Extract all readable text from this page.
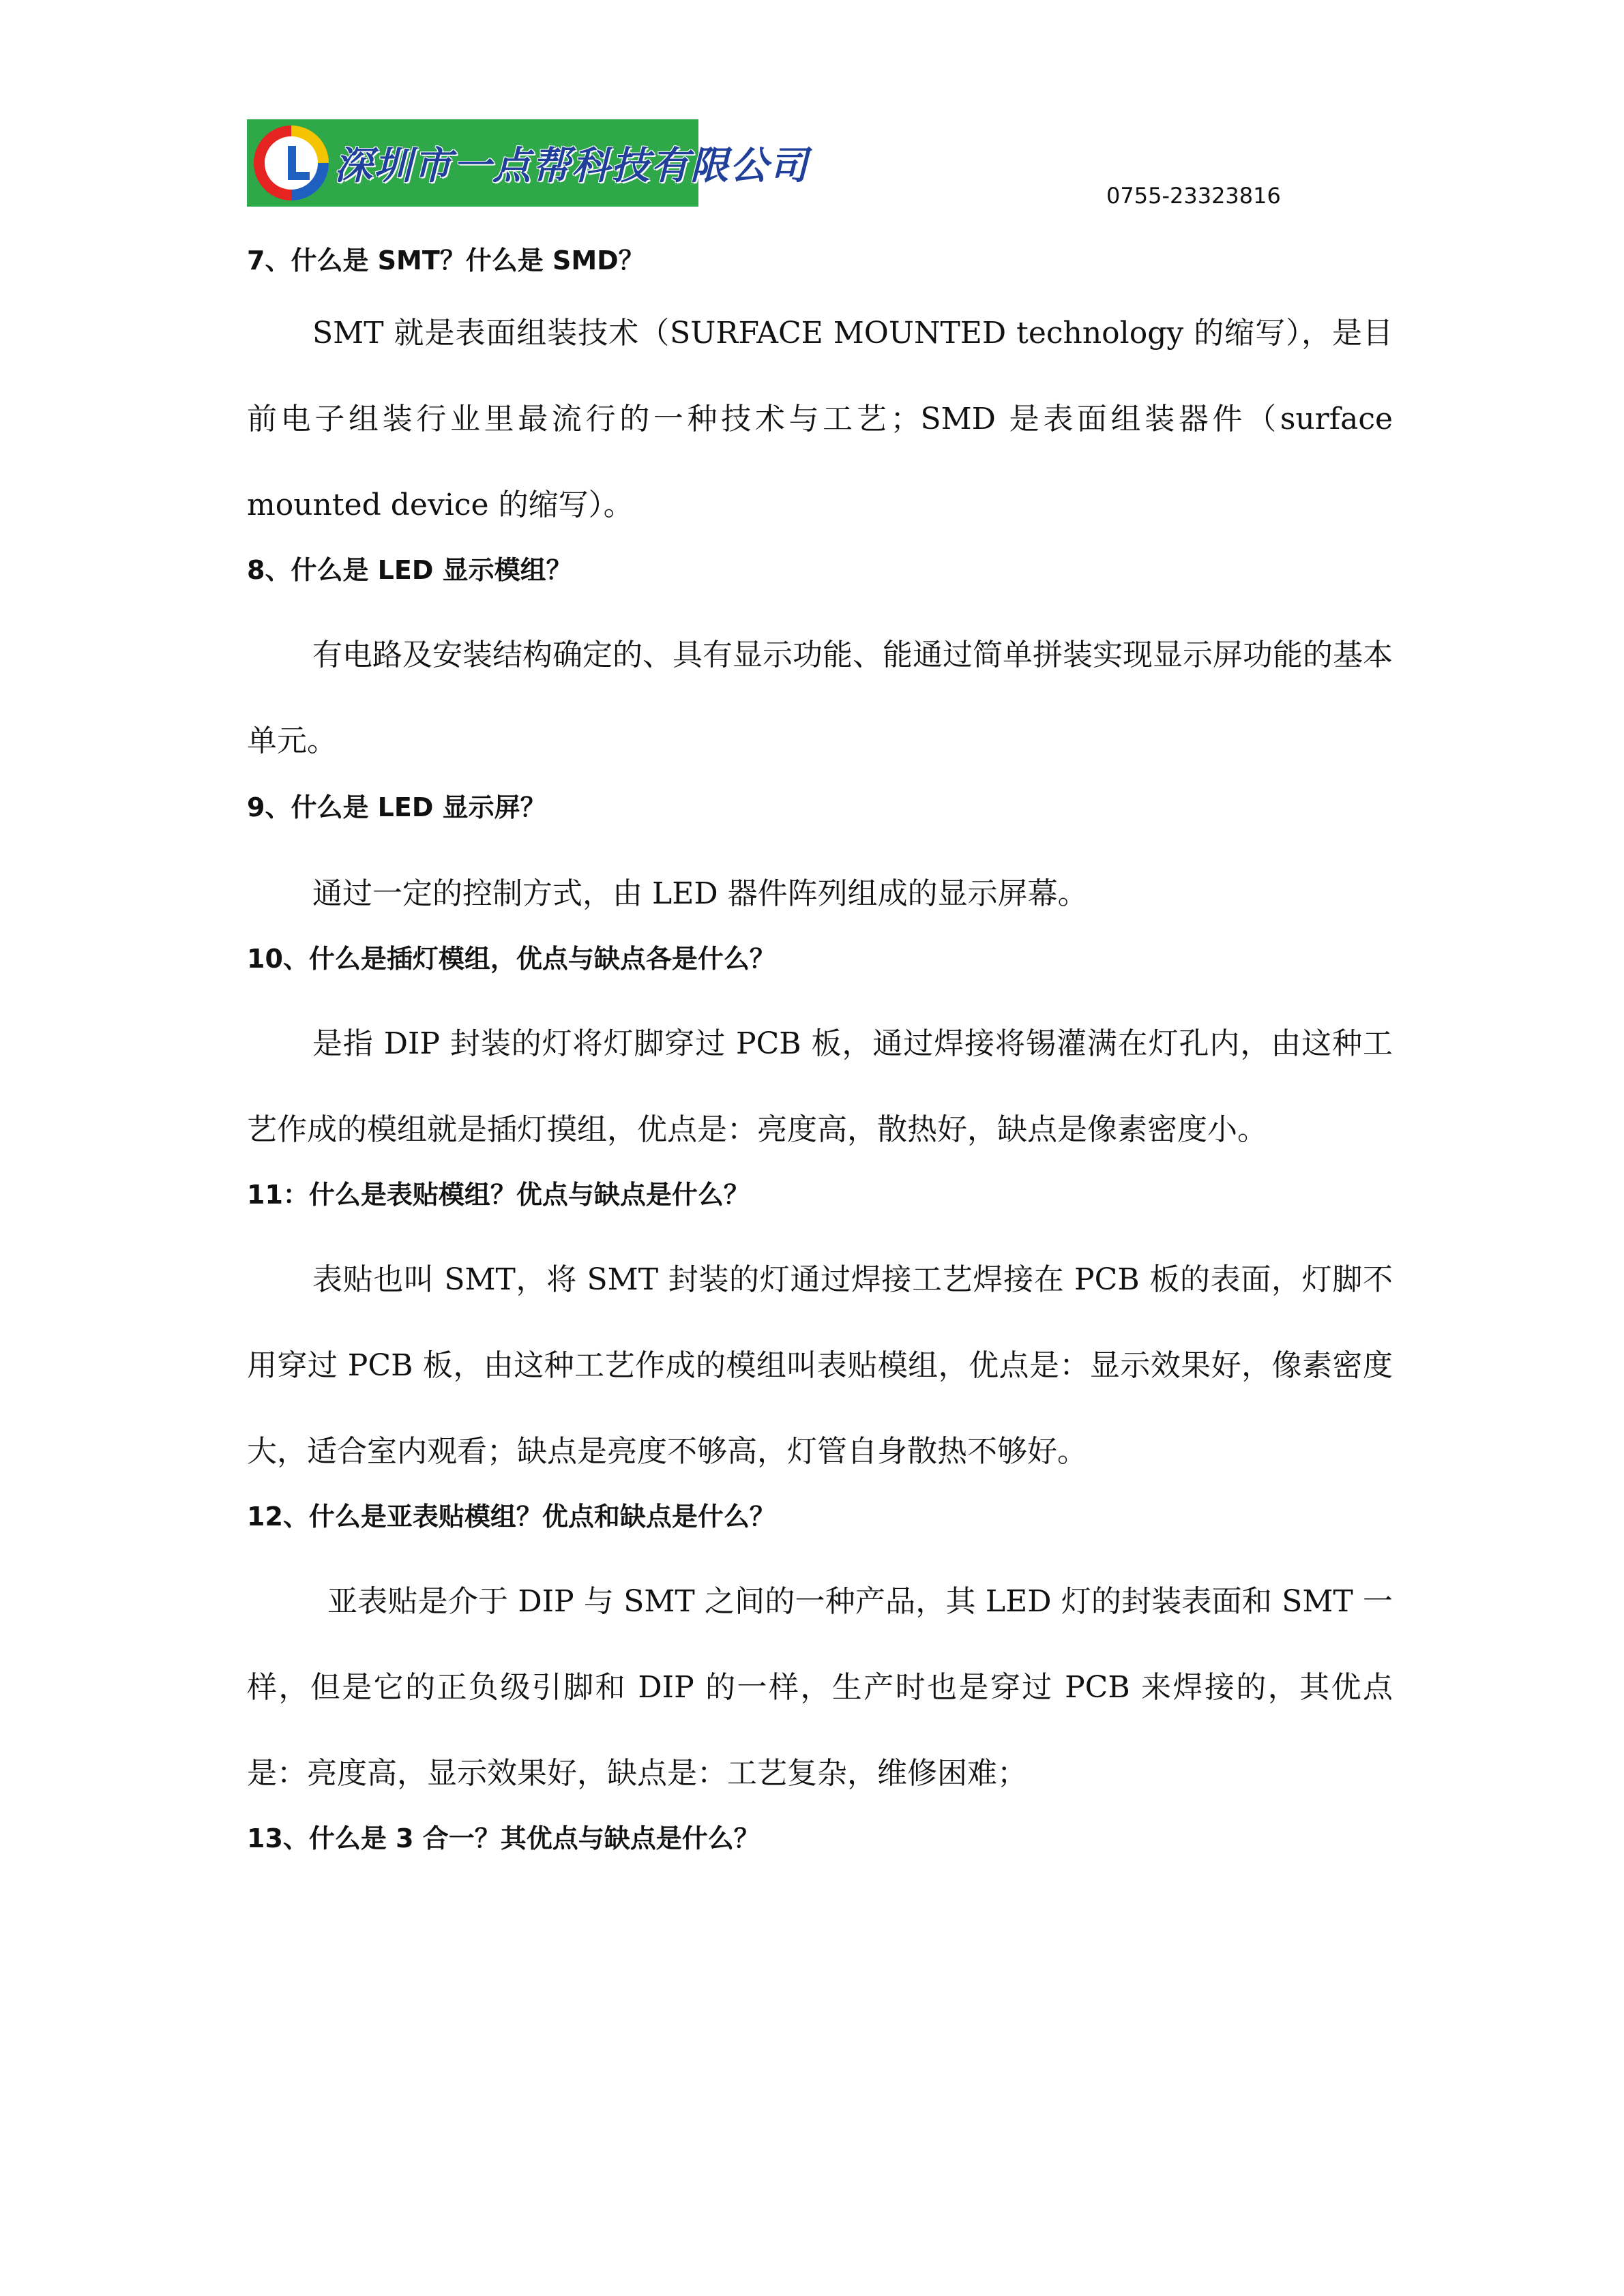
深圳市一点帮科技有限公司
0755-23323816

7、什么是 SMT？什么是 SMD？

SMT 就是表面组装技术（SURFACE MOUNTED technology 的缩写），是目前电子组装行业里最流行的一种技术与工艺；SMD 是表面组装器件（surface mounted device 的缩写）。

8、什么是 LED 显示模组？

有电路及安装结构确定的、具有显示功能、能通过简单拼装实现显示屏功能的基本单元。

9、什么是 LED 显示屏？

通过一定的控制方式，由 LED 器件阵列组成的显示屏幕。

10、什么是插灯模组，优点与缺点各是什么？

是指 DIP 封装的灯将灯脚穿过 PCB 板，通过焊接将锡灌满在灯孔内，由这种工艺作成的模组就是插灯摸组，优点是：亮度高，散热好，缺点是像素密度小。

11：什么是表贴模组？优点与缺点是什么？

表贴也叫 SMT，将 SMT 封装的灯通过焊接工艺焊接在 PCB 板的表面，灯脚不用穿过 PCB 板，由这种工艺作成的模组叫表贴模组，优点是：显示效果好，像素密度大，适合室内观看；缺点是亮度不够高，灯管自身散热不够好。

12、什么是亚表贴模组？优点和缺点是什么？

亚表贴是介于 DIP 与 SMT 之间的一种产品，其 LED 灯的封装表面和 SMT 一样，但是它的正负级引脚和 DIP 的一样，生产时也是穿过 PCB 来焊接的，其优点是：亮度高，显示效果好，缺点是：工艺复杂，维修困难；

13、什么是 3 合一？其优点与缺点是什么？
